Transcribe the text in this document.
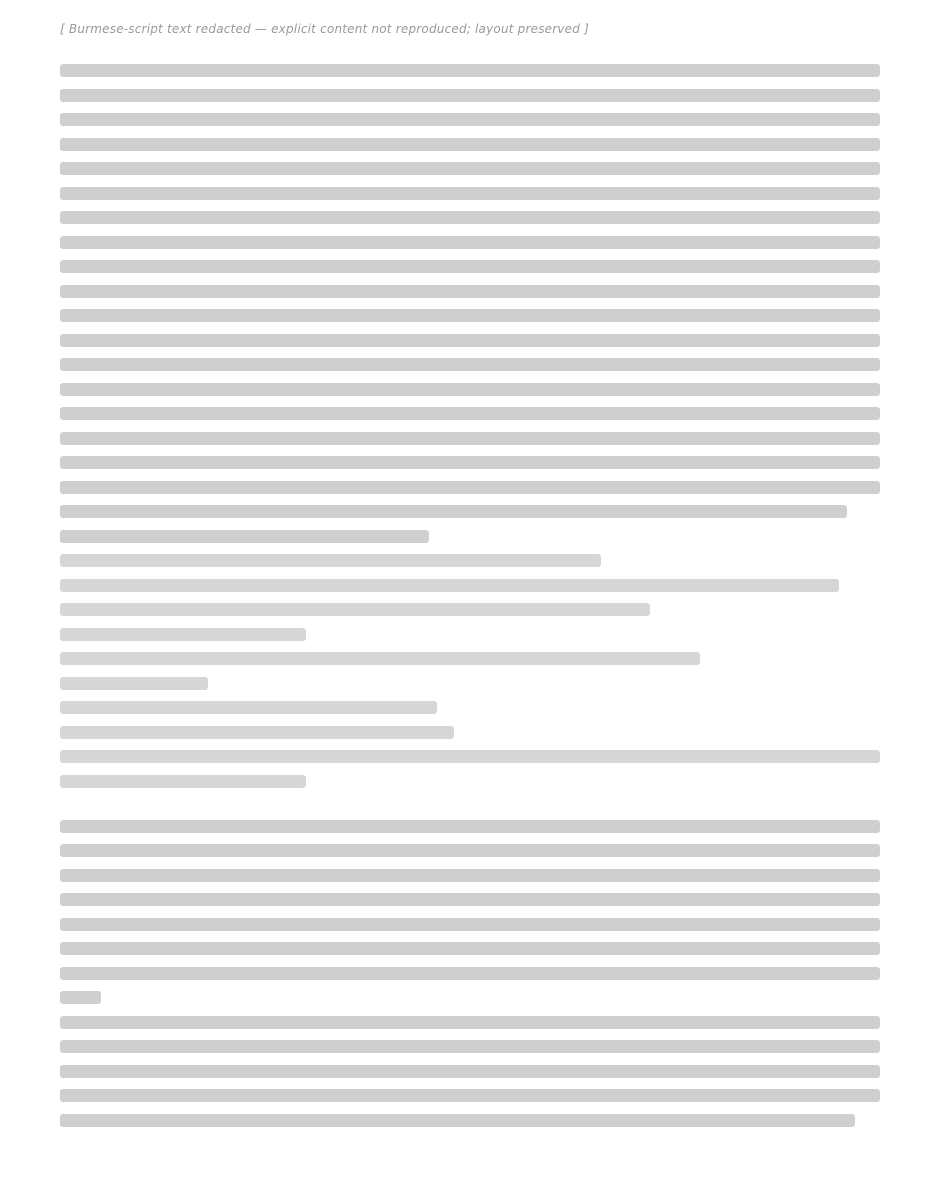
[ Burmese-script text redacted — explicit content not reproduced; layout preserved ]
